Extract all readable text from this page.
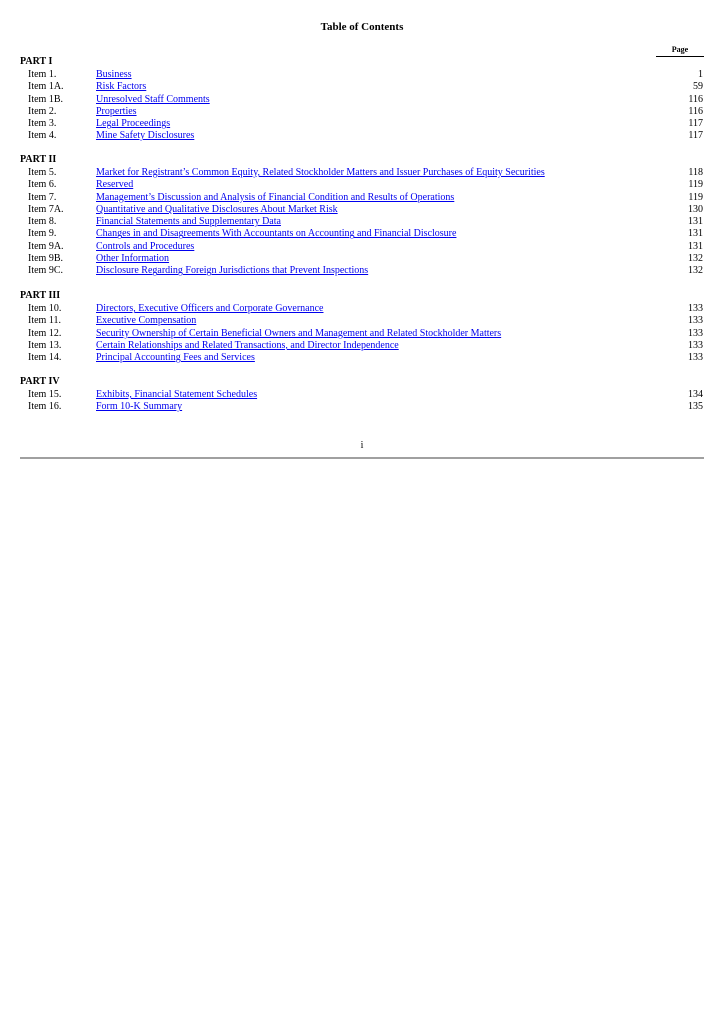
Table of Contents
Page
PART I
Item 1.	Business	1
Item 1A.	Risk Factors	59
Item 1B.	Unresolved Staff Comments	116
Item 2.	Properties	116
Item 3.	Legal Proceedings	117
Item 4.	Mine Safety Disclosures	117
PART II
Item 5.	Market for Registrant’s Common Equity, Related Stockholder Matters and Issuer Purchases of Equity Securities	118
Item 6.	Reserved	119
Item 7.	Management’s Discussion and Analysis of Financial Condition and Results of Operations	119
Item 7A.	Quantitative and Qualitative Disclosures About Market Risk	130
Item 8.	Financial Statements and Supplementary Data	131
Item 9.	Changes in and Disagreements With Accountants on Accounting and Financial Disclosure	131
Item 9A.	Controls and Procedures	131
Item 9B.	Other Information	132
Item 9C.	Disclosure Regarding Foreign Jurisdictions that Prevent Inspections	132
PART III
Item 10.	Directors, Executive Officers and Corporate Governance	133
Item 11.	Executive Compensation	133
Item 12.	Security Ownership of Certain Beneficial Owners and Management and Related Stockholder Matters	133
Item 13.	Certain Relationships and Related Transactions, and Director Independence	133
Item 14.	Principal Accounting Fees and Services	133
PART IV
Item 15.	Exhibits, Financial Statement Schedules	134
Item 16.	Form 10-K Summary	135
i
